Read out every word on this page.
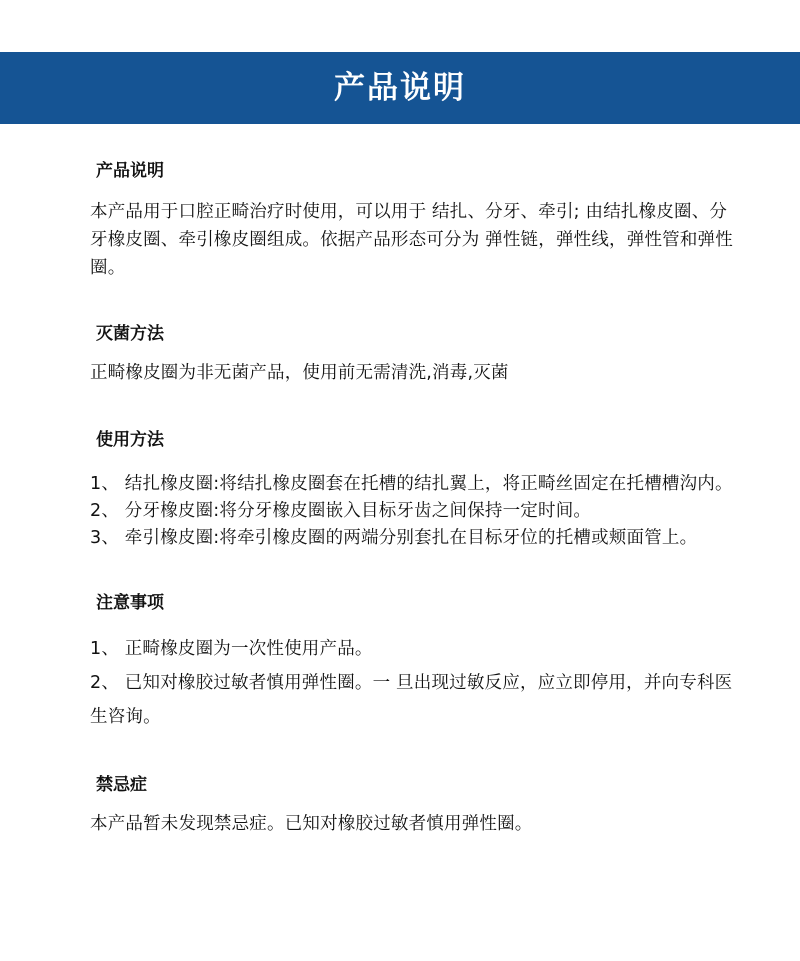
产品说明
产品说明
本产品用于口腔正畸治疗时使用，可以用于 结扎、分牙、牵引; 由结扎橡皮圈、分牙橡皮圈、牵引橡皮圈组成。依据产品形态可分为 弹性链，弹性线，弹性管和弹性圈。
灭菌方法
正畸橡皮圈为非无菌产品，使用前无需清洗,消毒,灭菌
使用方法
1、 结扎橡皮圈:将结扎橡皮圈套在托槽的结扎翼上，将正畸丝固定在托槽槽沟内。
2、 分牙橡皮圈:将分牙橡皮圈嵌入目标牙齿之间保持一定时间。
3、 牵引橡皮圈:将牵引橡皮圈的两端分别套扎在目标牙位的托槽或颊面管上。
注意事项
1、 正畸橡皮圈为一次性使用产品。
2、 已知对橡胶过敏者慎用弹性圈。一 旦出现过敏反应，应立即停用，并向专科医生咨询。
禁忌症
本产品暂未发现禁忌症。已知对橡胶过敏者慎用弹性圈。
